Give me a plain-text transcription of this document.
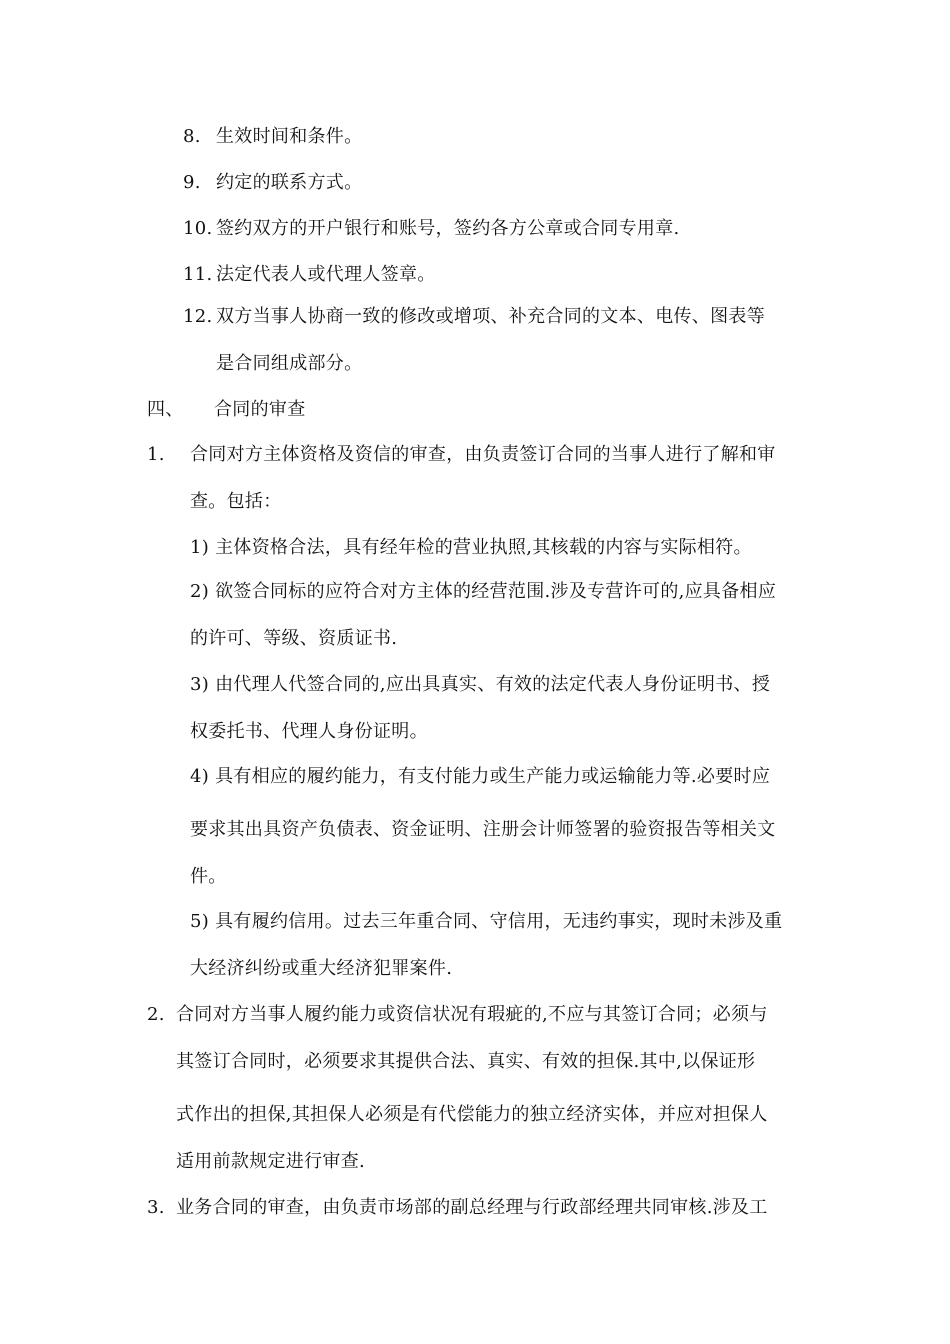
8. 生效时间和条件。
9. 约定的联系方式。
10. 签约双方的开户银行和账号，签约各方公章或合同专用章.
11. 法定代表人或代理人签章。
12. 双方当事人协商一致的修改或增项、补充合同的文本、电传、图表等
是合同组成部分。
四、 合同的审查
1. 合同对方主体资格及资信的审查，由负责签订合同的当事人进行了解和审
查。包括：
1) 主体资格合法，具有经年检的营业执照,其核载的内容与实际相符。
2) 欲签合同标的应符合对方主体的经营范围.涉及专营许可的,应具备相应
的许可、等级、资质证书.
3) 由代理人代签合同的,应出具真实、有效的法定代表人身份证明书、授
权委托书、代理人身份证明。
4) 具有相应的履约能力，有支付能力或生产能力或运输能力等.必要时应
要求其出具资产负债表、资金证明、注册会计师签署的验资报告等相关文
件。
5) 具有履约信用。过去三年重合同、守信用，无违约事实，现时未涉及重
大经济纠纷或重大经济犯罪案件.
2. 合同对方当事人履约能力或资信状况有瑕疵的,不应与其签订合同；必须与
其签订合同时，必须要求其提供合法、真实、有效的担保.其中,以保证形
式作出的担保,其担保人必须是有代偿能力的独立经济实体，并应对担保人
适用前款规定进行审查.
3. 业务合同的审查，由负责市场部的副总经理与行政部经理共同审核.涉及工
